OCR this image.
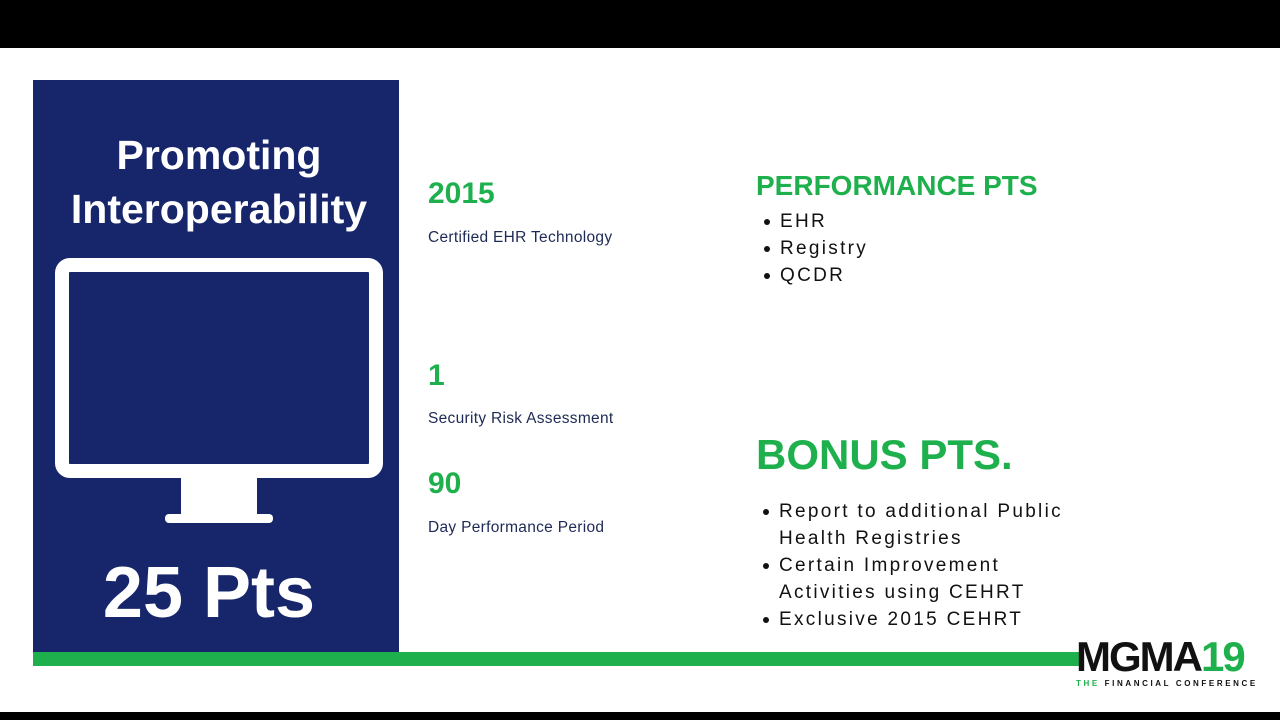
Promoting
Interoperability
25 Pts
2015
Certified EHR Technology
1
Security Risk Assessment
90
Day Performance Period
PERFORMANCE PTS
EHR
Registry
QCDR
BONUS PTS.
Report to additional Public Health Registries
Certain Improvement Activities using CEHRT
Exclusive 2015 CEHRT
MGMA19
THE FINANCIAL CONFERENCE
